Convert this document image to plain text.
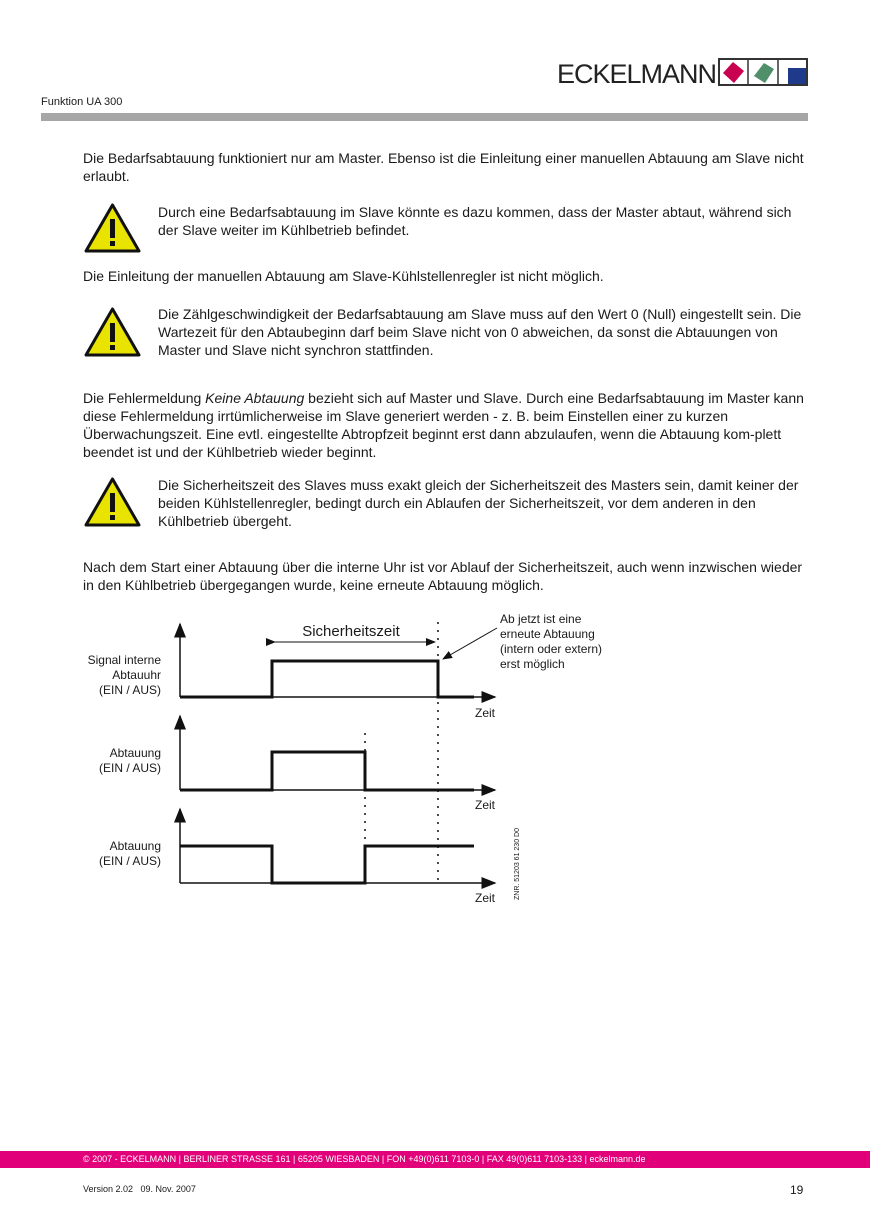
ECKELMANN
Funktion UA 300
Die Bedarfsabtauung funktioniert nur am Master. Ebenso ist die Einleitung einer manuellen Abtauung am Slave nicht erlaubt.
Durch eine Bedarfsabtauung im Slave könnte es dazu kommen, dass der Master abtaut, während sich der Slave weiter im Kühlbetrieb befindet.
Die Einleitung der manuellen Abtauung am Slave-Kühlstellenregler ist nicht möglich.
Die Zählgeschwindigkeit der Bedarfsabtauung am Slave muss auf den Wert 0 (Null) eingestellt sein. Die Wartezeit für den Abtaubeginn darf beim Slave nicht von 0 abweichen, da sonst die Abtauungen von Master und Slave nicht synchron stattfinden.
Die Fehlermeldung Keine Abtauung bezieht sich auf Master und Slave. Durch eine Bedarfsabtauung im Master kann diese Fehlermeldung irrtümlicherweise im Slave generiert werden - z. B. beim Einstellen einer zu kurzen Überwachungszeit. Eine evtl. eingestellte Abtropfzeit beginnt erst dann abzulaufen, wenn die Abtauung kom-plett beendet ist und der Kühlbetrieb wieder beginnt.
Die Sicherheitszeit des Slaves muss exakt gleich der Sicherheitszeit des Masters sein, damit keiner der beiden Kühlstellenregler, bedingt durch ein Ablaufen der Sicherheitszeit, vor dem anderen in den Kühlbetrieb übergeht.
Nach dem Start einer Abtauung über die interne Uhr ist vor Ablauf der Sicherheitszeit, auch wenn inzwischen wieder in den Kühlbetrieb übergegangen wurde, keine erneute Abtauung möglich.
Sicherheitszeit
Ab jetzt ist eine
erneute Abtauung
(intern oder extern)
erst möglich
Signal interne
Abtauuhr
(EIN / AUS)
Abtauung
(EIN / AUS)
Abtauung
(EIN / AUS)
Zeit
Zeit
Zeit	ZNR. 51203 61 230 D0
© 2007 - ECKELMANN | BERLINER STRASSE 161 | 65205 WIESBADEN | FON +49(0)611 7103-0 | FAX 49(0)611 7103-133 | eckelmann.de
Version 2.02   09. Nov. 2007	19
